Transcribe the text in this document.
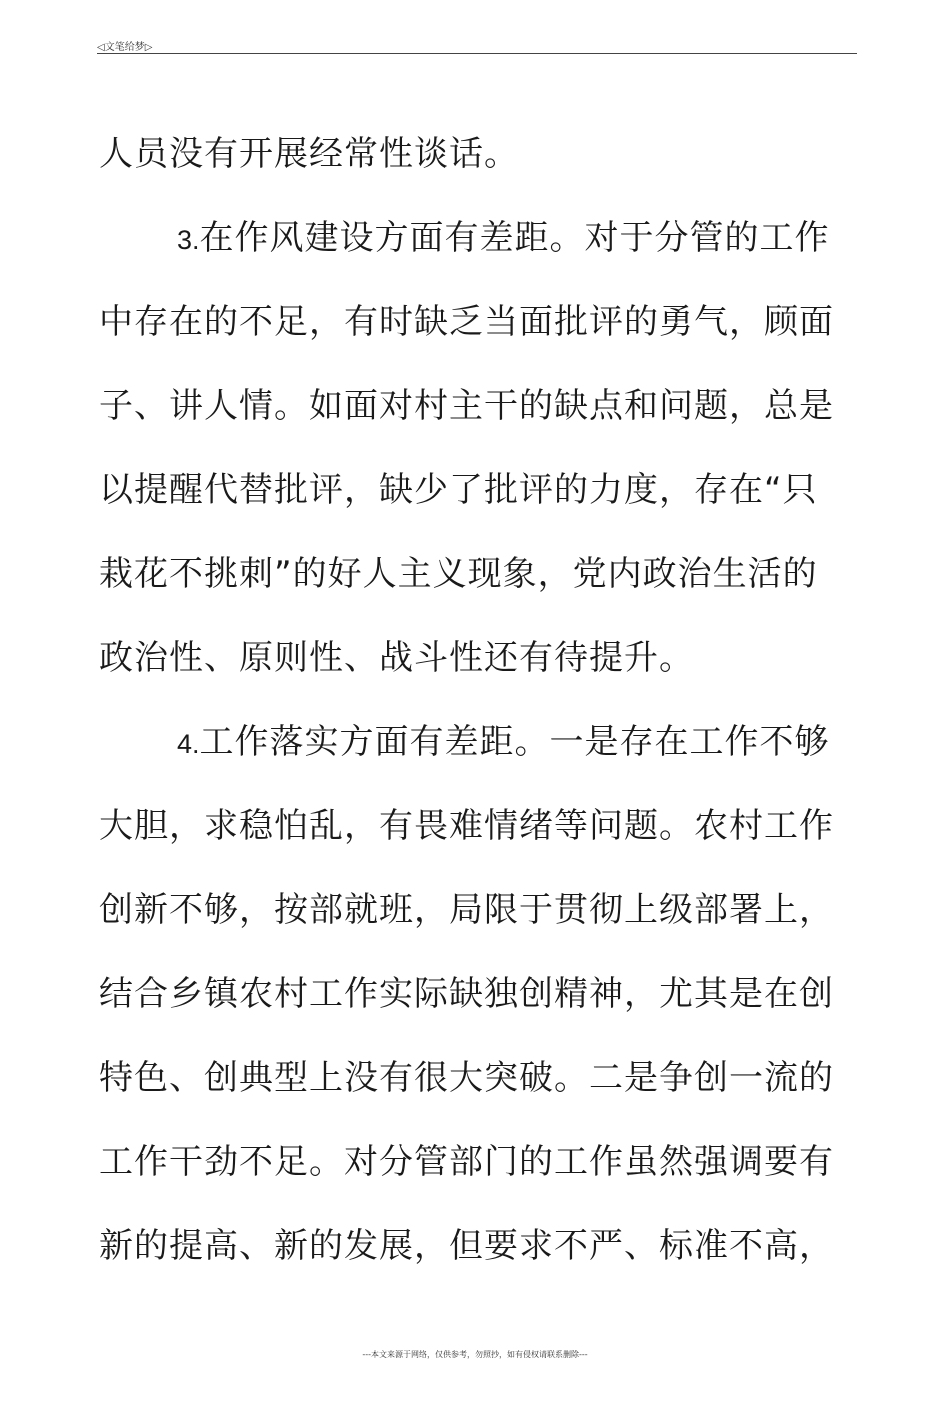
◁文笔给梦▷
人员没有开展经常性谈话。
3.在作风建设方面有差距。对于分管的工作
中存在的不足，有时缺乏当面批评的勇气，顾面
子、讲人情。如面对村主干的缺点和问题，总是
以提醒代替批评，缺少了批评的力度，存在“只
栽花不挑刺”的好人主义现象，党内政治生活的
政治性、原则性、战斗性还有待提升。
4.工作落实方面有差距。一是存在工作不够
大胆，求稳怕乱，有畏难情绪等问题。农村工作
创新不够，按部就班，局限于贯彻上级部署上，
结合乡镇农村工作实际缺独创精神，尤其是在创
特色、创典型上没有很大突破。二是争创一流的
工作干劲不足。对分管部门的工作虽然强调要有
新的提高、新的发展，但要求不严、标准不高，
---本文来源于网络，仅供参考，勿照抄，如有侵权请联系删除---
